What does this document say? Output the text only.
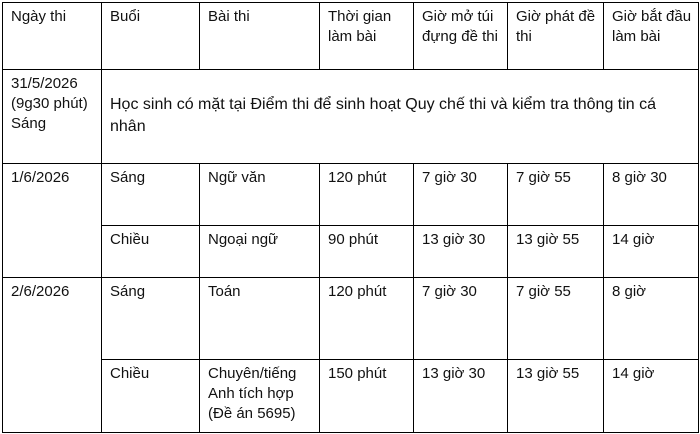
Ngày thi	Buổi	Bài thi	Thời gian làm bài	Giờ mở túi đựng đề thi	Giờ phát đề thi	Giờ bắt đầu làm bài
31/5/2026 (9g30 phút) Sáng	Học sinh có mặt tại Điểm thi để sinh hoạt Quy chế thi và kiểm tra thông tin cá nhân					
1/6/2026	Sáng	Ngữ văn	120 phút	7 giờ 30	7 giờ 55	8 giờ 30
	Chiều	Ngoại ngữ	90 phút	13 giờ 30	13 giờ 55	14 giờ
2/6/2026	Sáng	Toán	120 phút	7 giờ 30	7 giờ 55	8 giờ
	Chiều	Chuyên/tiếng Anh tích hợp (Đề án 5695)	150 phút	13 giờ 30	13 giờ 55	14 giờ
